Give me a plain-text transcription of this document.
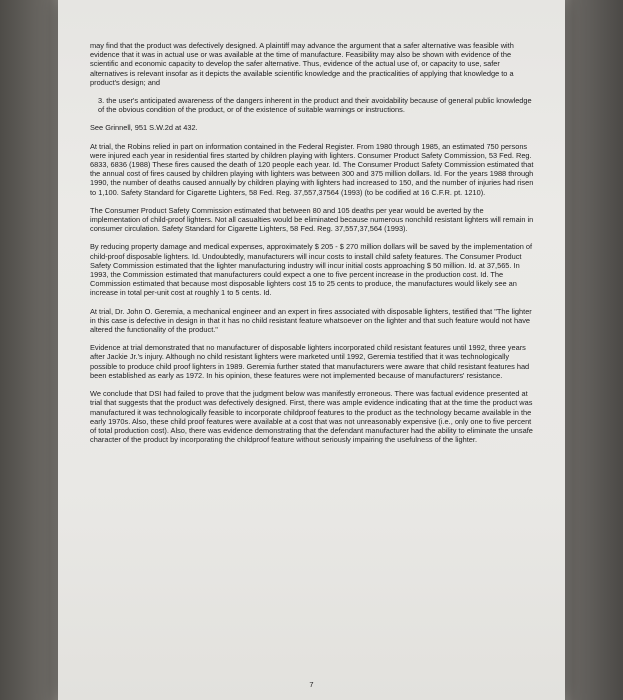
may find that the product was defectively designed. A plaintiff may advance the argument that a safer alternative was feasible with evidence that it was in actual use or was available at the time of manufacture. Feasibility may also be shown with evidence of the scientific and economic capacity to develop the safer alternative. Thus, evidence of the actual use of, or capacity to use, safer alternatives is relevant insofar as it depicts the available scientific knowledge and the practicalities of applying that knowledge to a product's design; and

3. the user's anticipated awareness of the dangers inherent in the product and their avoidability because of general public knowledge of the obvious condition of the product, or of the existence of suitable warnings or instructions.

See Grinnell, 951 S.W.2d at 432.

At trial, the Robins relied in part on information contained in the Federal Register. From 1980 through 1985, an estimated 750 persons were injured each year in residential fires started by children playing with lighters. Consumer Product Safety Commission, 53 Fed. Reg. 6833, 6836 (1988) These fires caused the death of 120 people each year. Id. The Consumer Product Safety Commission estimated that the annual cost of fires caused by children playing with lighters was between 300 and 375 million dollars. Id. For the years 1988 through 1990, the number of deaths caused annually by children playing with lighters had increased to 150, and the number of injuries had risen to 1,100. Safety Standard for Cigarette Lighters, 58 Fed. Reg. 37,557,37564 (1993) (to be codified at 16 C.F.R. pt. 1210).

The Consumer Product Safety Commission estimated that between 80 and 105 deaths per year would be averted by the implementation of child-proof lighters. Not all casualties would be eliminated because numerous nonchild resistant lighters will remain in consumer circulation. Safety Standard for Cigarette Lighters, 58 Fed. Reg. 37,557,37,564 (1993).

By reducing property damage and medical expenses, approximately $ 205 - $ 270 million dollars will be saved by the implementation of child-proof disposable lighters. Id. Undoubtedly, manufacturers will incur costs to install child safety features. The Consumer Product Safety Commission estimated that the lighter manufacturing industry will incur initial costs approaching $ 50 million. Id. at 37,565. In 1993, the Commission estimated that manufacturers could expect a one to five percent increase in the production cost. Id. The Commission estimated that because most disposable lighters cost 15 to 25 cents to produce, the manufactures would likely see an increase in total per-unit cost at roughly 1 to 5 cents. Id.

At trial, Dr. John O. Geremia, a mechanical engineer and an expert in fires associated with disposable lighters, testified that "The lighter in this case is defective in design in that it has no child resistant feature whatsoever on the lighter and that such feature would not have altered the functionality of the product."

Evidence at trial demonstrated that no manufacturer of disposable lighters incorporated child resistant features until 1992, three years after Jackie Jr.'s injury. Although no child resistant lighters were marketed until 1992, Geremia testified that it was technologically possible to produce child proof lighters in 1989. Geremia further stated that manufacturers were aware that child resistant features had been established as early as 1972. In his opinion, these features were not implemented because of manufacturers' resistance.

We conclude that DSI had failed to prove that the judgment below was manifestly erroneous. There was factual evidence presented at trial that suggests that the product was defectively designed. First, there was ample evidence indicating that at the time the product was manufactured it was technologically feasible to incorporate childproof features to the product as the technology became available in the early 1970s. Also, these child proof features were available at a cost that was not unreasonably expensive (i.e., only one to five percent of total production cost). Also, there was evidence demonstrating that the defendant manufacturer had the ability to eliminate the unsafe character of the product by incorporating the childproof feature without seriously impairing the usefulness of the lighter.

7
